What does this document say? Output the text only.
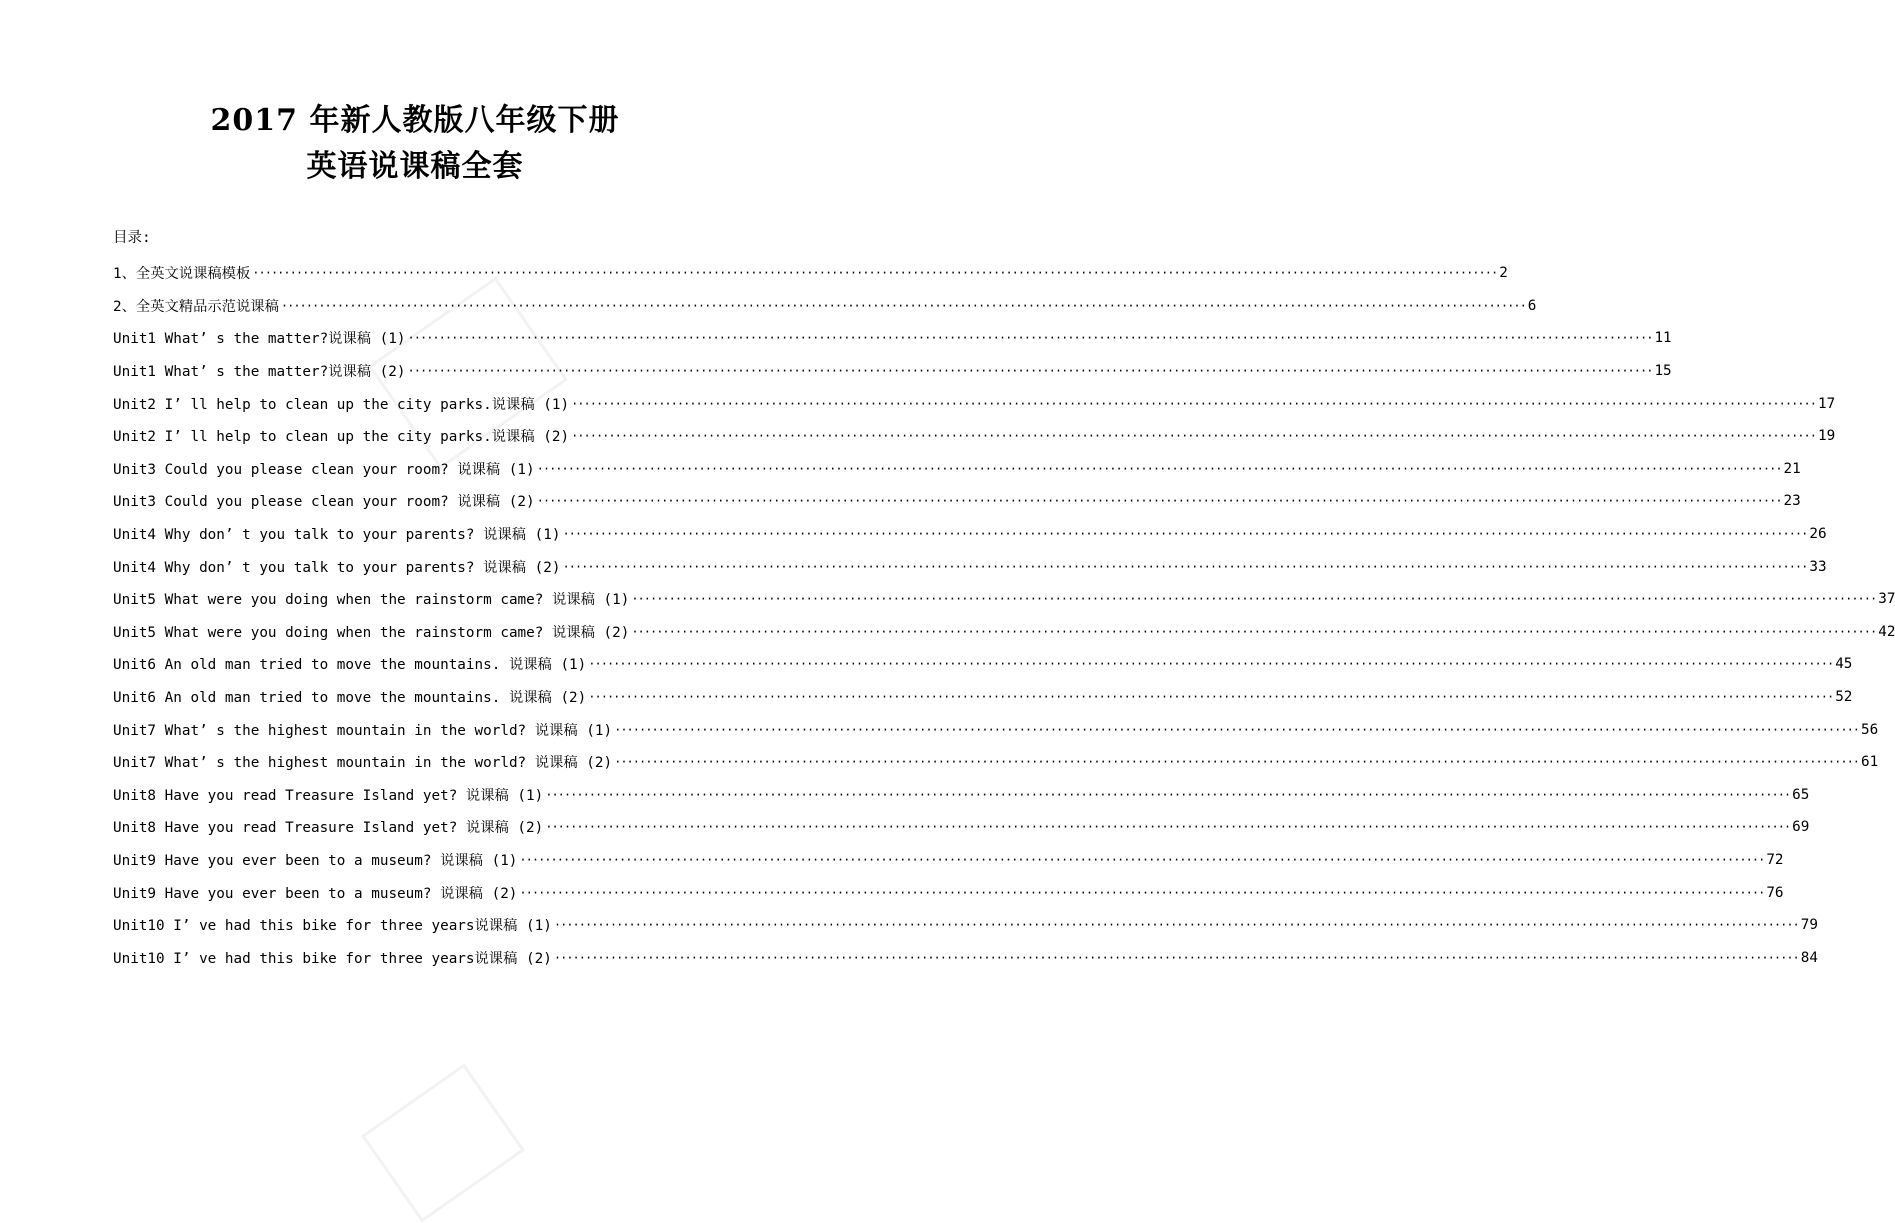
2017 年新人教版八年级下册
英语说课稿全套
目录:
1、全英文说课稿模板 ········································································································································································································ 2
2、全英文精品示范说课稿 ········································································································································································································ 6
Unit1 What’ s the matter?说课稿 (1) ········································································································································································································ 11
Unit1 What’ s the matter?说课稿 (2) ········································································································································································································ 15
Unit2 I’ ll help to clean up the city parks.说课稿 (1) ········································································································································································································ 17
Unit2 I’ ll help to clean up the city parks.说课稿 (2) ········································································································································································································ 19
Unit3 Could you please clean your room? 说课稿 (1) ········································································································································································································ 21
Unit3 Could you please clean your room? 说课稿 (2) ········································································································································································································ 23
Unit4 Why don’ t you talk to your parents? 说课稿 (1) ········································································································································································································ 26
Unit4 Why don’ t you talk to your parents? 说课稿 (2) ········································································································································································································ 33
Unit5 What were you doing when the rainstorm came? 说课稿 (1) ········································································································································································································ 37
Unit5 What were you doing when the rainstorm came? 说课稿 (2) ········································································································································································································ 42
Unit6 An old man tried to move the mountains. 说课稿 (1) ········································································································································································································ 45
Unit6 An old man tried to move the mountains. 说课稿 (2) ········································································································································································································ 52
Unit7 What’ s the highest mountain in the world? 说课稿 (1) ········································································································································································································ 56
Unit7 What’ s the highest mountain in the world? 说课稿 (2) ········································································································································································································ 61
Unit8 Have you read Treasure Island yet? 说课稿 (1) ········································································································································································································ 65
Unit8 Have you read Treasure Island yet? 说课稿 (2) ········································································································································································································ 69
Unit9 Have you ever been to a museum? 说课稿 (1) ········································································································································································································ 72
Unit9 Have you ever been to a museum? 说课稿 (2) ········································································································································································································ 76
Unit10 I’ ve had this bike for three years说课稿 (1) ········································································································································································································ 79
Unit10 I’ ve had this bike for three years说课稿 (2) ········································································································································································································ 84
